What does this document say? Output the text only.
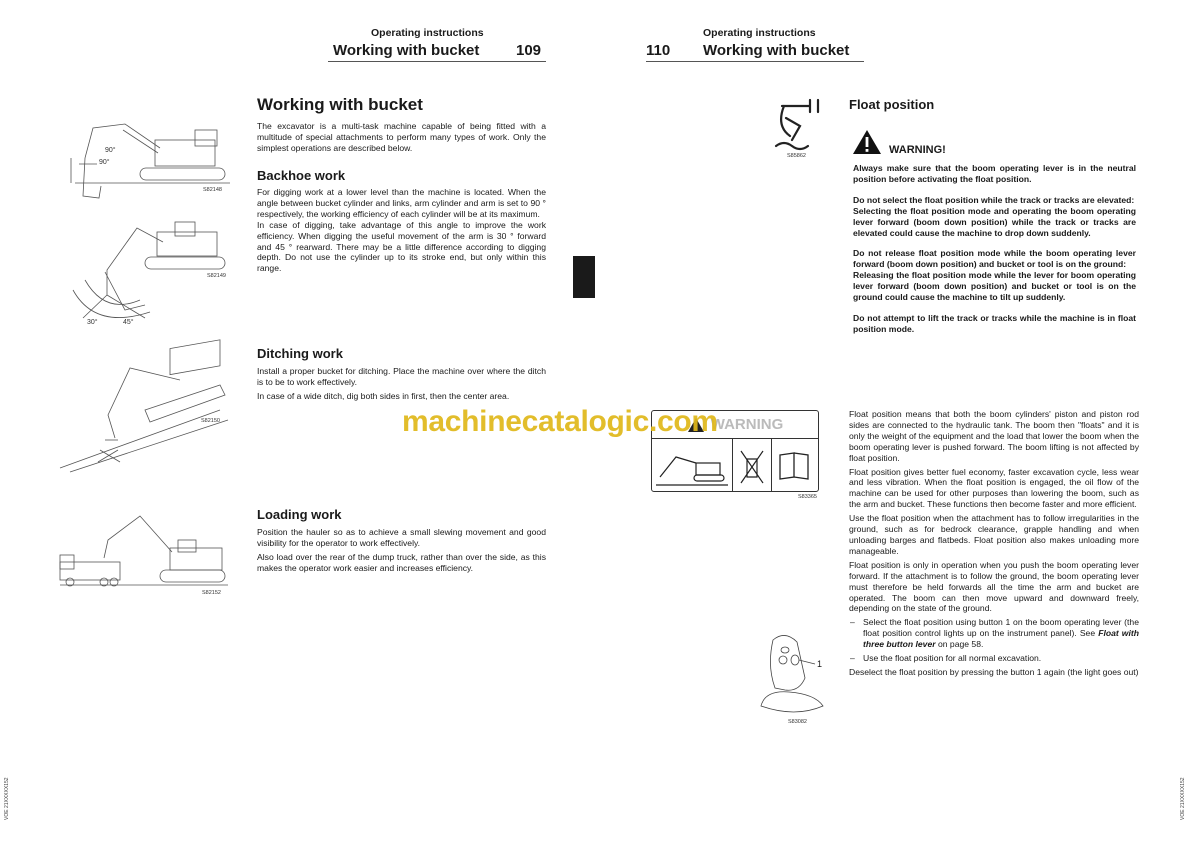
Operating instructions
Working with bucket 109
Working with bucket

The excavator is a multi-task machine capable of being fitted with a multitude of special attachments to perform many types of work. Only the simplest operations are described below.

Backhoe work

For digging work at a lower level than the machine is located. When the angle between bucket cylinder and links, arm cylinder and arm is set to 90 ° respectively, the working efficiency of each cylinder will be at its maximum.

In case of digging, take advantage of this angle to improve the work efficiency. When digging the useful movement of the arm is 30 ° forward and 45 ° rearward. There may be a little difference according to digging depth. Do not use the cylinder up to its stroke end, but only within this range.

Ditching work

Install a proper bucket for ditching. Place the machine over where the ditch is to be to work effectively.

In case of a wide ditch, dig both sides in first, then the center area.

Loading work

Position the hauler so as to achieve a small slewing movement and good visibility for the operator to work effectively.

Also load over the rear of the dump truck, rather than over the side, as this makes the operator work easier and increases efficiency.

90°
90°
S82148
30°	45°
S82149
S82150
S82152
VOE 21XXXXX152
Operating instructions
110 Working with bucket
S85862
Float position
WARNING!

Always make sure that the boom operating lever is in the neutral position before activating the float position.

Do not select the float position while the track or tracks are elevated:

Selecting the float position mode and operating the boom operating lever forward (boom down position) while the track or tracks are elevated could cause the machine to drop down suddenly.

Do not release float position mode while the boom operating lever forward (boom down position) and bucket or tool is on the ground:

Releasing the float position mode while the lever for boom operating lever forward (boom down position) and bucket or tool is on the ground could cause the machine to tilt up suddenly.

Do not attempt to lift the track or tracks while the machine is in float position mode.

Float position means that both the boom cylinders' piston and piston rod sides are connected to the hydraulic tank. The boom then "floats" and it is only the weight of the equipment and the load that lower the boom when the boom operating lever is pushed forward. The boom lifting is not affected by float position.

Float position gives better fuel economy, faster excavation cycle, less wear and less vibration. When the float position is engaged, the oil flow of the machine can be used for other purposes than lowering the boom, such as the arm and bucket. These functions then become faster and more efficient.

Use the float position when the attachment has to follow irregularities in the ground, such as for bedrock clearance, grapple handling and when unloading barges and flatbeds. Float position also makes unloading more manageable.

Float position is only in operation when you push the boom operating lever forward. If the attachment is to follow the ground, the boom operating lever must therefore be held forwards all the time the arm and bucket are operated. The boom can then move upward and downward freely, depending on the state of the ground.

– Select the float position using button 1 on the boom operating lever (the float position control lights up on the instrument panel). See Float with three button lever on page 58.
– Use the float position for all normal excavation.

Deselect the float position by pressing the button 1 again (the light goes out)

WARNING
S83365
1
S83082
VOE 21XXXXX152
machinecatalogic.com
